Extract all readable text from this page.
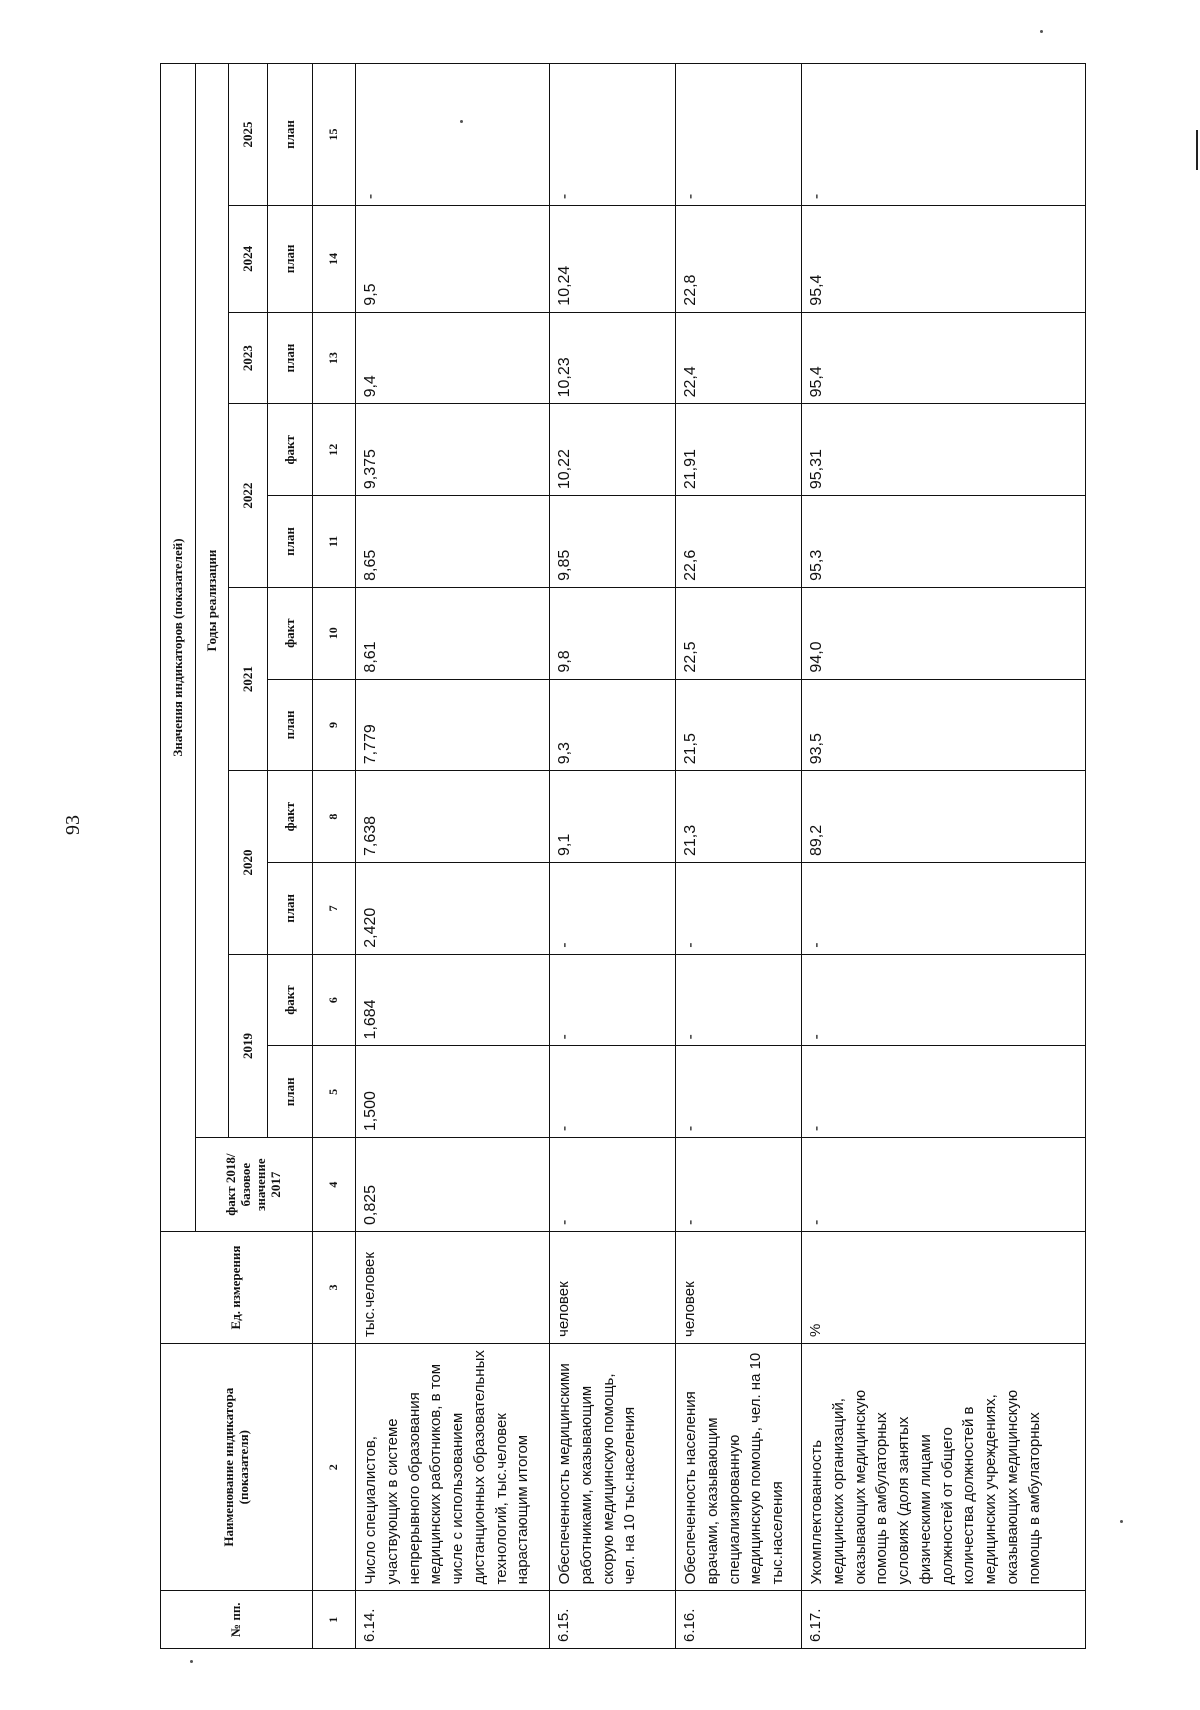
93
№ пп.	Наименование индикатора (показателя)	Ед. измерения	Значения индикаторов (показателей)											
			факт 2018/базовое значение 2017	Годы реализации										
				2019		2020		2021		2022		2023	2024	2025
				план	факт	план	факт	план	факт	план	факт	план	план	план
1	2	3	4	5	6	7	8	9	10	11	12	13	14	15
6.14.	Число специалистов, участвующих в системе непрерывного образования медицинских работников, в том числе с использованием дистанционных образовательных технологий, тыс.человек нарастающим итогом	тыс.человек	0,825	1,500	1,684	2,420	7,638	7,779	8,61	8,65	9,375	9,4	9,5	-
6.15.	Обеспеченность медицинскими работниками, оказывающим скорую медицинскую помощь, чел. на 10 тыс.населения	человек	-	-	-	-	9,1	9,3	9,8	9,85	10,22	10,23	10,24	-
6.16.	Обеспеченность населения врачами, оказывающим специализированную медицинскую помощь, чел. на 10 тыс.населения	человек	-	-	-	-	21,3	21,5	22,5	22,6	21,91	22,4	22,8	-
6.17.	Укомплектованность медицинских организаций, оказывающих медицинскую помощь в амбулаторных условиях (доля занятых физическими лицами должностей от общего количества должностей в медицинских учреждениях, оказывающих медицинскую помощь в амбулаторных	%	-	-	-	-	89,2	93,5	94,0	95,3	95,31	95,4	95,4	-
